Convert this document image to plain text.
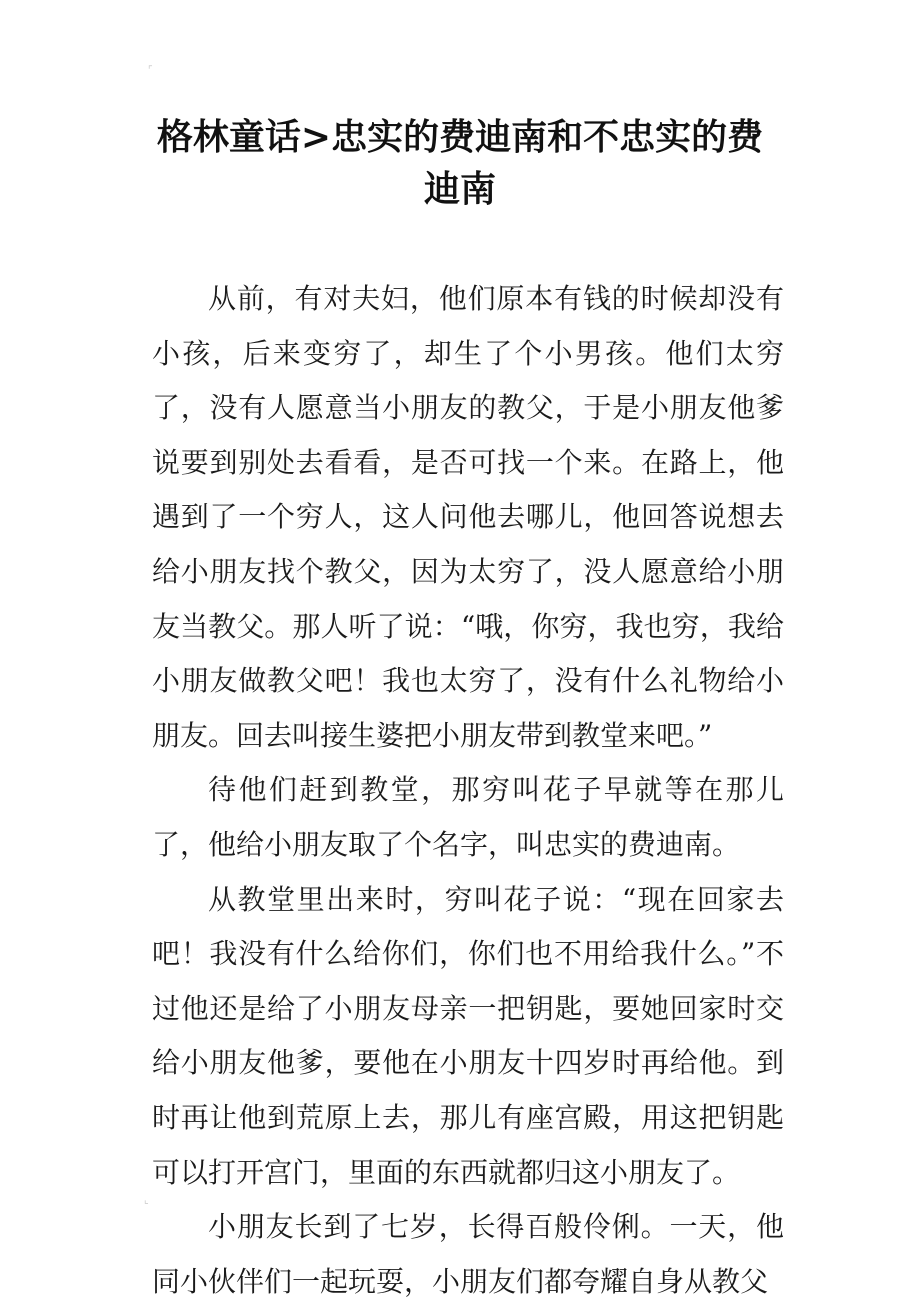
⌜
格林童话>忠实的费迪南和不忠实的费迪南

从前，有对夫妇，他们原本有钱的时候却没有小孩，后来变穷了，却生了个小男孩。他们太穷了，没有人愿意当小朋友的教父，于是小朋友他爹说要到别处去看看，是否可找一个来。在路上，他遇到了一个穷人，这人问他去哪儿，他回答说想去给小朋友找个教父，因为太穷了，没人愿意给小朋友当教父。那人听了说：“哦，你穷，我也穷，我给小朋友做教父吧！我也太穷了，没有什么礼物给小朋友。回去叫接生婆把小朋友带到教堂来吧。”

待他们赶到教堂，那穷叫花子早就等在那儿了，他给小朋友取了个名字，叫忠实的费迪南。

从教堂里出来时，穷叫花子说：“现在回家去吧！我没有什么给你们，你们也不用给我什么。”不过他还是给了小朋友母亲一把钥匙，要她回家时交给小朋友他爹，要他在小朋友十四岁时再给他。到时再让他到荒原上去，那儿有座宫殿，用这把钥匙可以打开宫门，里面的东西就都归这小朋友了。

小朋友长到了七岁，长得百般伶俐。一天，他同小伙伴们一起玩耍，小朋友们都夸耀自身从教父

⌞
